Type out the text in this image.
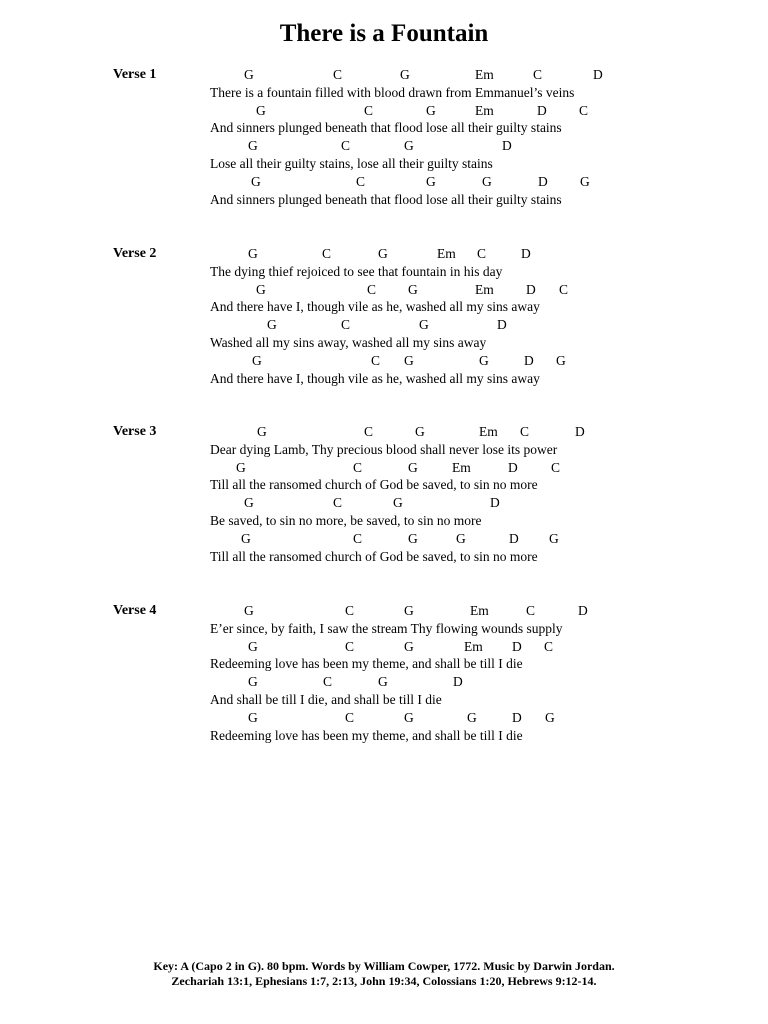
There is a Fountain
Verse 1	G	C	G	Em	C	D
There is a fountain filled with blood drawn from Emmanuel’s veins
G	C	G	Em	D C
And sinners plunged beneath that flood lose all their guilty stains
G	C	G	D
Lose all their guilty stains, lose all their guilty stains
G	C	G	G	D G
And sinners plunged beneath that flood lose all their guilty stains
Verse 2	G	C	G	Em C	D
The dying thief rejoiced to see that fountain in his day
G	C G	Em D C
And there have I, though vile as he, washed all my sins away
G	C	G	D
Washed all my sins away, washed all my sins away
G	C G	G	D G
And there have I, though vile as he, washed all my sins away
Verse 3	G	C	G	Em C	D
Dear dying Lamb, Thy precious blood shall never lose its power
G	C	G	Em	D C
Till all the ransomed church of God be saved, to sin no more
G	C	G	D
Be saved, to sin no more, be saved, to sin no more
G	C	G	G	D G
Till all the ransomed church of God be saved, to sin no more
Verse 4	G	C	G	Em	C	D
E’er since, by faith, I saw the stream Thy flowing wounds supply
G	C	G	Em D C
Redeeming love has been my theme, and shall be till I die
G	C	G	D
And shall be till I die, and shall be till I die
G	C	G	G	D G
Redeeming love has been my theme, and shall be till I die
Key: A (Capo 2 in G). 80 bpm. Words by William Cowper, 1772. Music by Darwin Jordan.
Zechariah 13:1, Ephesians 1:7, 2:13, John 19:34, Colossians 1:20, Hebrews 9:12-14.
